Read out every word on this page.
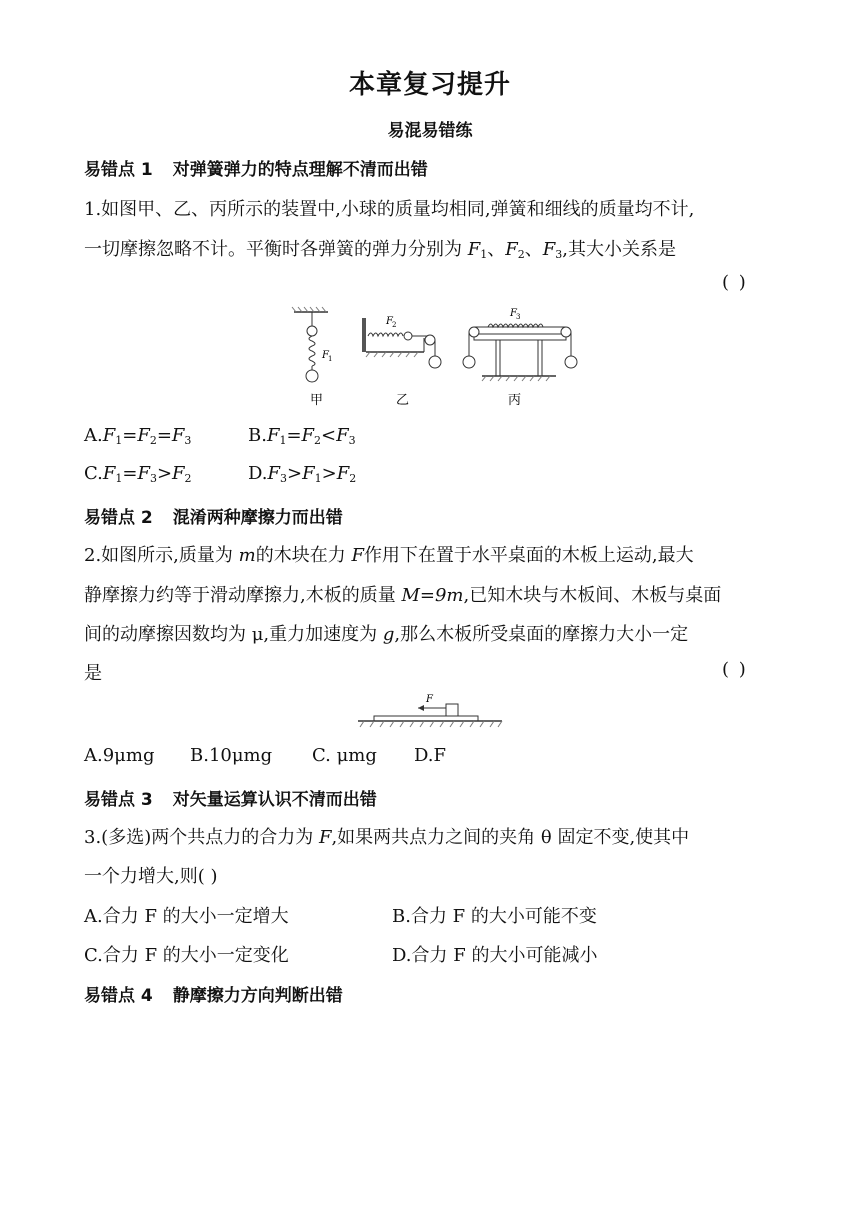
本章复习提升
易混易错练
易错点 1 对弹簧弹力的特点理解不清而出错
1.如图甲、乙、丙所示的装置中,小球的质量均相同,弹簧和细线的质量均不计,
一切摩擦忽略不计。平衡时各弹簧的弹力分别为 $F_1$、$F_2$、$F_3$,其大小关系是
( )
F 1
F 2
F 3
甲	乙	丙
$A.F_1=F_2=F_3$	$B.F_1=F_2<F_3$
$C.F_1=F_3>F_2$	$D.F_3>F_1>F_2$
易错点 2 混淆两种摩擦力而出错
2.如图所示,质量为 m的木块在力 F作用下在置于水平桌面的木板上运动,最大
静摩擦力约等于滑动摩擦力,木板的质量 M=9m,已知木块与木板间、木板与桌面
间的动摩擦因数均为 μ,重力加速度为 g,那么木板所受桌面的摩擦力大小一定
是	( )
F
A.9μmg B.10μmg C. μmg D.F
易错点 3 对矢量运算认识不清而出错
3.(多选)两个共点力的合力为 F,如果两共点力之间的夹角 θ 固定不变,使其中
一个力增大,则( )
A.合力 F 的大小一定增大	B.合力 F 的大小可能不变
C.合力 F 的大小一定变化	D.合力 F 的大小可能减小
易错点 4 静摩擦力方向判断出错
